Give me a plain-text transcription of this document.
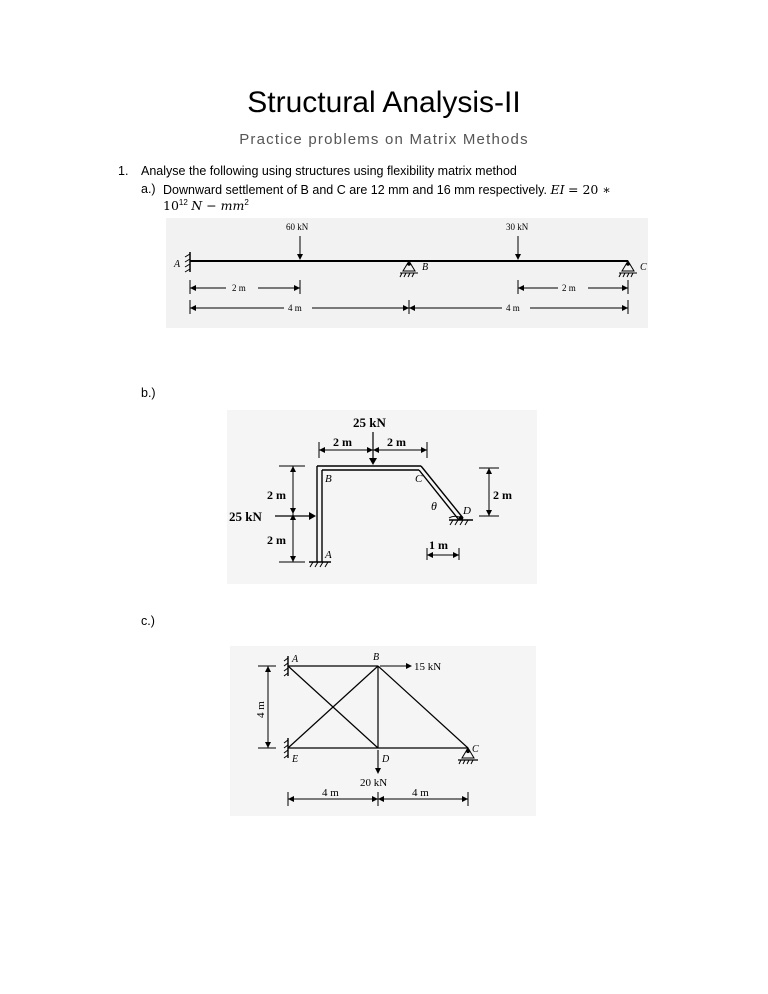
Structural Analysis-II
Practice problems on Matrix Methods
1. Analyse the following using structures using flexibility matrix method
a.) Downward settlement of B and C are 12 mm and 16 mm respectively. EI = 20 ∗
$10^{12}$ $N - mm^2$
A
60 kN	30 kN
B	C
2 m	2 m
4 m	4 m
b.)
25 kN
2 m	2 m
B	C
A
θ D
2 m
2 m
25 kN
2 m
1 m
c.)
A	B
C
D
E
15 kN
20 kN
4 m
4 m	4 m
